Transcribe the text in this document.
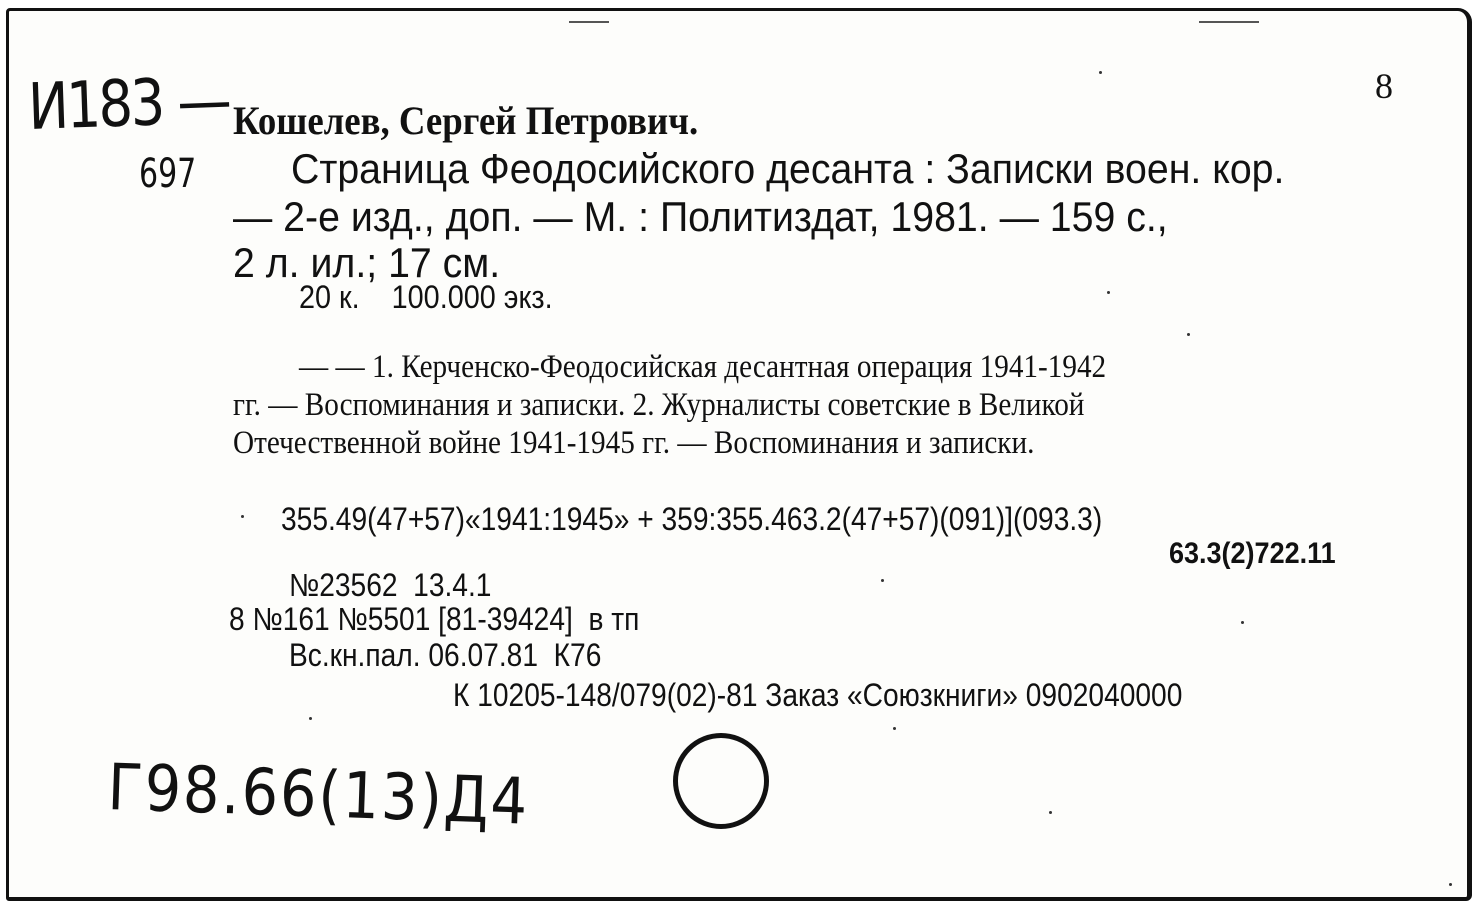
И183 —
697
8
Кошелев, Сергей Петрович.
Страница Феодосийского десанта : Записки воен. кор.
— 2-е изд., доп. — М. : Политиздат, 1981. — 159 с.,
2 л. ил.; 17 см.
20 к.    100.000 экз.
— — 1. Керченско-Феодосийская десантная операция 1941-1942
гг. — Воспоминания и записки. 2. Журналисты советские в Великой
Отечественной войне 1941-1945 гг. — Воспоминания и записки.
355.49(47+57)«1941:1945» + 359:355.463.2(47+57)(091)](093.3)
63.3(2)722.11
№23562  13.4.1
8 №161 №5501 [81-39424]  в тп
Вс.кн.пал. 06.07.81  К76
К 10205-148/079(02)-81 Заказ «Союзкниги» 0902040000
Г98.66(13)Д4
